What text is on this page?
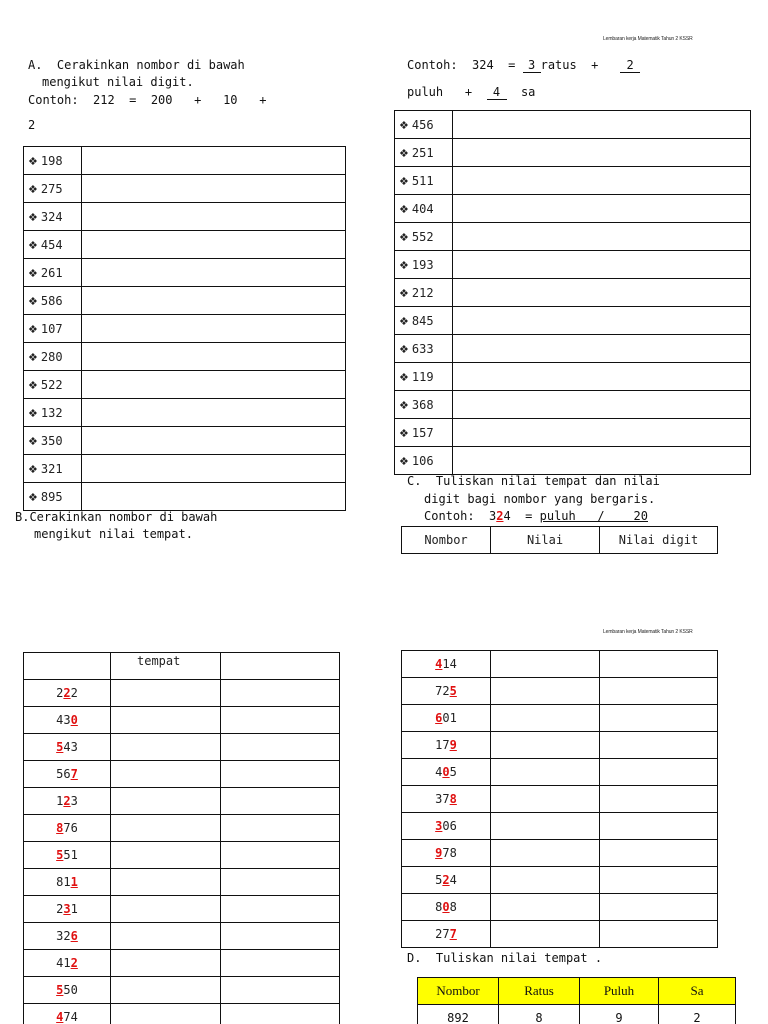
Lembaran kerja Matematik Tahun 2 KSSR
Lembaran kerja Matematik Tahun 2 KSSR
A.  Cerakinkan nombor di bawah
mengikut nilai digit.
Contoh:  212  =  200   +   10   +
2
❖ 198	
❖ 275	
❖ 324	
❖ 454	
❖ 261	
❖ 586	
❖ 107	
❖ 280	
❖ 522	
❖ 132	
❖ 350	
❖ 321	
❖ 895	
Contoh:  324  = 3 ratus  + 2
puluh + 4 sa
❖ 456	
❖ 251	
❖ 511	
❖ 404	
❖ 552	
❖ 193	
❖ 212	
❖ 845	
❖ 633	
❖ 119	
❖ 368	
❖ 157	
❖ 106	
B.Cerakinkan nombor di bawah
mengikut nilai tempat.
C.  Tuliskan nilai tempat dan nilai
digit bagi nombor yang bergaris.
Contoh:  324  = puluh   /    20
Nombor	Nilai	Nilai digit
	tempat	
222		
430		
543		
567		
123		
876		
551		
811		
231		
326		
412		
550		
474		
414		
725		
601		
179		
405		
378		
306		
978		
524		
808		
277		
D.  Tuliskan nilai tempat .
Nombor	Ratus	Puluh	Sa
892	8	9	2
